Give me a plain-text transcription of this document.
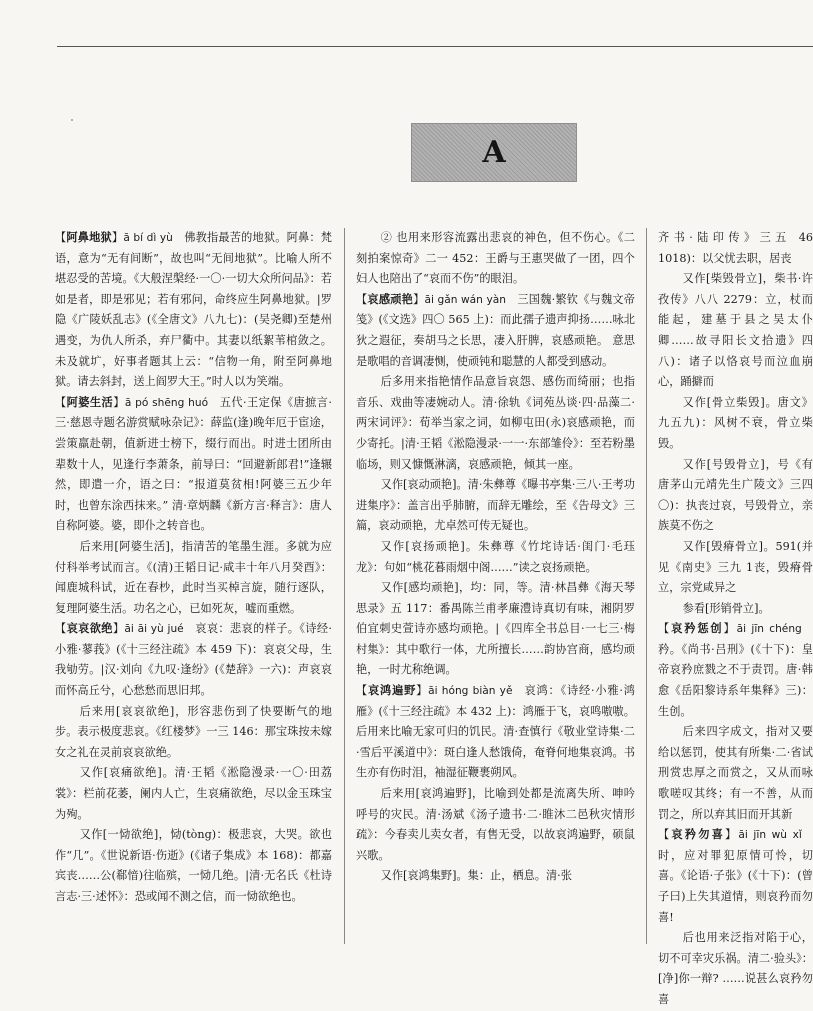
A

【阿鼻地狱】ā bí dì yù  佛教指最苦的地狱。阿鼻：梵语，意为“无有间断”，故也叫“无间地狱”。比喻人所不堪忍受的苦境。《大般涅槃经·一〇·一切大众所问品》：若如是者，即是邪见；若有邪问，命终应生阿鼻地狱。|罗隐《广陵妖乱志》(《全唐文》八九七)：(吴尧卿)至楚州遇变，为仇人所杀，弃尸衢中。其妻以纸絮苇棺敛之。未及就圹，好事者题其上云：“信物一角，附至阿鼻地狱。请去斜封，送上阎罗大王。”时人以为笑端。

【阿婆生活】ā pó shēng huó  五代·王定保《唐摭言·三·慈恩寺题名游赏赋咏杂记》：薛监(逢)晚年厄于宦途，尝策羸赴朝，值新进士榜下，缀行而出。时进士团所由辈数十人，见逢行李萧条，前导曰：“回避新郎君!”逢辗然，即遣一介，语之曰：“报道莫贫相!阿婆三五少年时，也曾东涂西抹来。” 清·章炳麟《新方言·释言》：唐人自称阿婆。婆，即仆之转音也。

后来用[阿婆生活]，指清苦的笔墨生涯。多就为应付科举考试而言。《(清)王韬日记·咸丰十年八月癸酉》：闻鹿城科试，近在春杪，此时当买棹言旋，随行逐队，复理阿婆生活。功名之心，已如死灰，嘘而重燃。

【哀哀欲绝】āi āi yù jué  哀哀：悲哀的样子。《诗经·小雅·蓼莪》(《十三经注疏》本 459 下)：哀哀父母，生我劬劳。|汉·刘向《九叹·逢纷》(《楚辞》一六)：声哀哀而怀高丘兮，心愁愁而思旧邦。

后来用[哀哀欲绝]，形容悲伤到了快要断气的地步。表示极度悲哀。《红楼梦》一三 146：那宝珠按未嫁女之礼在灵前哀哀欲绝。

又作[哀痛欲绝]。清·王韬《淞隐漫录·一〇·田荔裳》：栏前花萎，阑内人亡，生哀痛欲绝，尽以金玉珠宝为殉。

又作[一恸欲绝]，恸(tòng)：极悲哀，大哭。欲也作“几”。《世说新语·伤逝》(《诸子集成》本 168)：都嘉宾丧……公(郗愔)往临殡，一恸几绝。|清·无名氏《杜诗言志·三·述怀》：恐或闻不测之信，而一恸欲绝也。

② 也用来形容流露出悲哀的神色，但不伤心。《二刻拍案惊奇》二一 452：王爵与王惠哭做了一团，四个妇人也陪出了“哀而不伤”的眼泪。

【哀感顽艳】āi gǎn wán yàn  三国魏·繁钦《与魏文帝笺》(《文选》四〇 565 上)：而此孺子遗声抑扬……咏北狄之遐征，奏胡马之长思，凄入肝脾，哀感顽艳。 意思是歌唱的音调凄恻，使顽钝和聪慧的人都受到感动。

后多用来指艳情作品意旨哀怨、感伤而绮丽；也指音乐、戏曲等凄婉动人。清·徐轨《词苑丛谈·四·品藻二·两宋词评》：荀举当家之词，如柳屯田(永)哀感顽艳，而少寄托。|清·王韬《淞隐漫录·一一·东部雏伶》：至若粉墨临场，则又慷慨淋漓，哀感顽艳，倾其一座。

又作[哀动顽艳]。清·朱彝尊《曝书亭集·三八·王考功进集序》：盖言出乎肺腑，而辞无雕绘，至《告母文》三篇，哀动顽艳，尤卓然可传无疑也。

又作[哀扬顽艳]。朱彝尊《竹垞诗话·闺门·毛珏龙》：句如“桃花暮雨烟中阁……”读之哀扬顽艳。

又作[感均顽艳]，均：同，等。清·林昌彝《海天琴思录》五 117：番禺陈兰甫孝廉澧诗真切有味，湘阴罗伯宜刺史萱诗亦感均顽艳。|《四库全书总目·一七三·梅村集》：其中歌行一体，尤所擅长……韵协宫商，感均顽艳，一时尤称绝调。

【哀鸿遍野】āi hóng biàn yě  哀鸿：《诗经·小雅·鸿雁》(《十三经注疏》本 432 上)：鸿雁于飞，哀鸣嗷嗷。 后用来比喻无家可归的饥民。清·查慎行《敬业堂诗集·二·雪后平溪道中》：斑白逢人愁饿倚，奄脊何地集哀鸿。书生亦有伤时泪，袖湿征鞭裹朔风。

后来用[哀鸿遍野]，比喻到处都是流离失所、呻吟呼号的灾民。清·汤斌《汤子遗书·二·睢沐二邑秋灾情形疏》：今春卖儿卖女者，有售无受，以故哀鸿遍野，硕鼠兴歌。

又作[哀鸿集野]。集：止，栖息。清·张

齐书·陆印传》三五 46 1018)：以父忧去职，居丧

又作[柴毁骨立]，柴书·许孜传》八八 2279：立，杖而能起，建墓于县之吴太仆卿……故寻阳长文拾遗》四八)：诸子以恪哀号而泣血崩心，踊擗而

又作[骨立柴毁]。唐文》九五九)：风树不衰，骨立柴毁。

又作[号毁骨立]，号《有唐茅山元靖先生广陵文》三四〇)：执丧过哀，号毁骨立，亲族莫不伤之

又作[毁瘠骨立]。591(并见《南史》三九 1丧，毁瘠骨立，宗党咸异之

参看[形销骨立]。

【哀矜惩创】āi jīn chéng 矜。《尚书·吕刑》(《十下)：皇帝哀矜庶戮之不于责罚。唐·韩愈《岳阳黎诗系年集释》三)：生创。

后来四字成文，指对又要给以惩罚，使其有所集·二·省试刑赏忠厚之而赏之，又从而咏歌嗟叹其终；有一不善，从而罚之，所以弃其旧而开其新

【哀矜勿喜】āi jīn wù xǐ 时，应对罪犯原情可怜，切喜。《论语·子张》(《十下)：(曾子曰)上失其道情，则哀矜而勿喜!

后也用来泛指对陷于心，切不可幸灾乐祸。清二·验头》：[净]你一辩? ……说甚么哀矜勿喜
